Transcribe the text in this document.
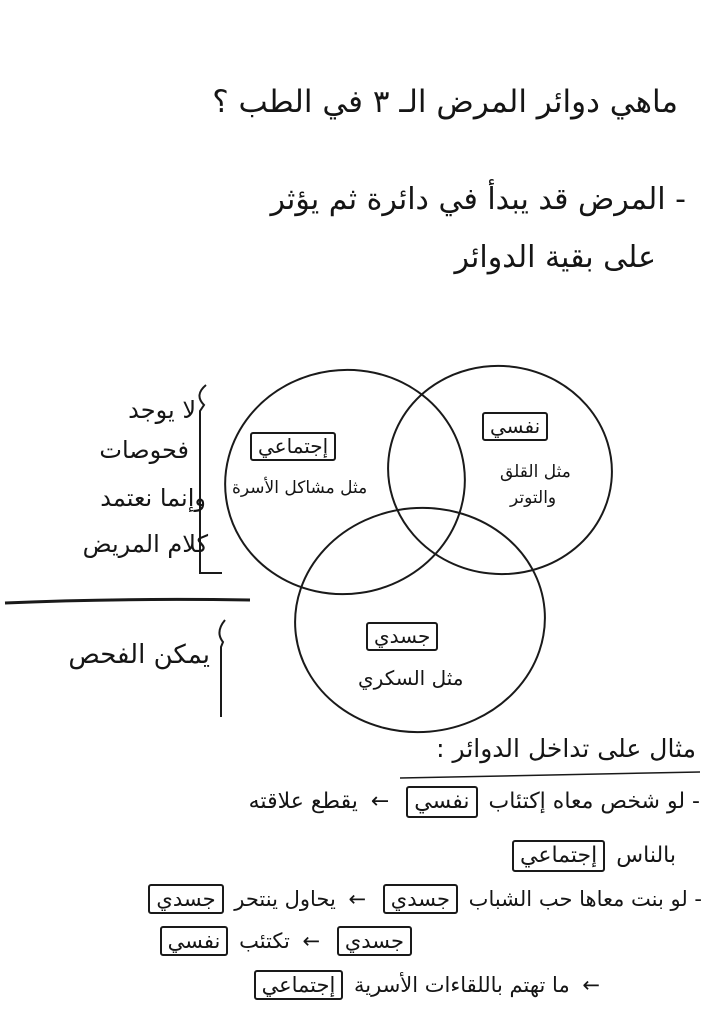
ماهي دوائر المرض الـ ٣ في الطب ؟
- المرض قد يبدأ في دائرة ثم يؤثر
على بقية الدوائر
إجتماعي
مثل مشاكل الأسرة
نفسي
مثل القلق
والتوتر
جسدي
مثل السكري
لا يوجد
فحوصات
وإنما نعتمد
كلام المريض
يمكن الفحص
مثال على تداخل الدوائر :
- لو شخص معاه إكتئاب نفسي ← يقطع علاقته
بالناس إجتماعي
- لو بنت معاها حب الشباب جسدي ← يحاول ينتحر جسدي
جسدي ← تكتئب نفسي
← ما تهتم باللقاءات الأسرية إجتماعي
